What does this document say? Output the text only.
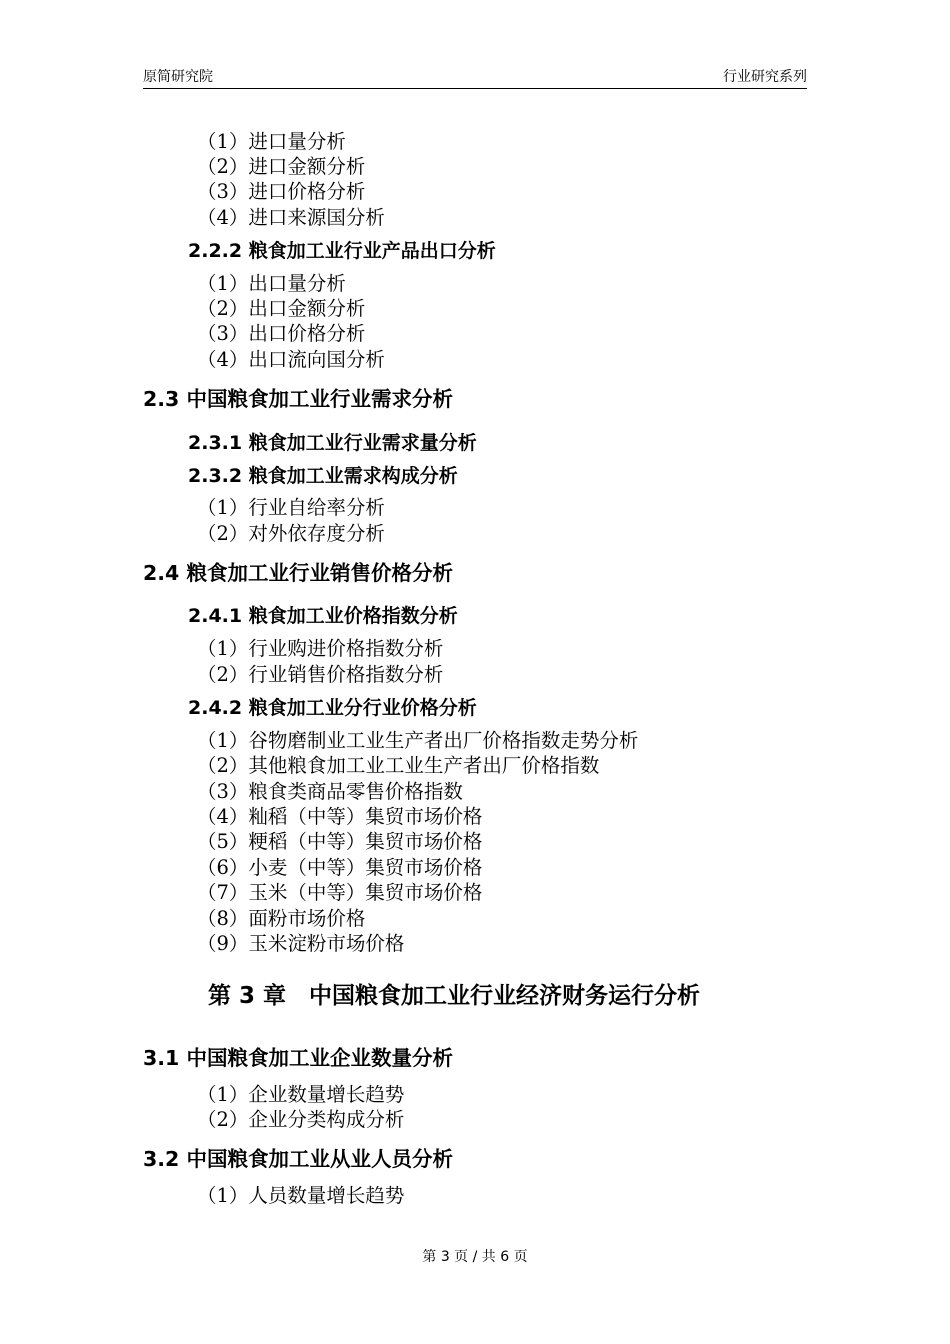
原简研究院	行业研究系列
（1）进口量分析
（2）进口金额分析
（3）进口价格分析
（4）进口来源国分析
2.2.2 粮食加工业行业产品出口分析
（1）出口量分析
（2）出口金额分析
（3）出口价格分析
（4）出口流向国分析
2.3 中国粮食加工业行业需求分析
2.3.1 粮食加工业行业需求量分析
2.3.2 粮食加工业需求构成分析
（1）行业自给率分析
（2）对外依存度分析
2.4 粮食加工业行业销售价格分析
2.4.1 粮食加工业价格指数分析
（1）行业购进价格指数分析
（2）行业销售价格指数分析
2.4.2 粮食加工业分行业价格分析
（1）谷物磨制业工业生产者出厂价格指数走势分析
（2）其他粮食加工业工业生产者出厂价格指数
（3）粮食类商品零售价格指数
（4）籼稻（中等）集贸市场价格
（5）粳稻（中等）集贸市场价格
（6）小麦（中等）集贸市场价格
（7）玉米（中等）集贸市场价格
（8）面粉市场价格
（9）玉米淀粉市场价格
第 3 章　中国粮食加工业行业经济财务运行分析
3.1 中国粮食加工业企业数量分析
（1）企业数量增长趋势
（2）企业分类构成分析
3.2 中国粮食加工业从业人员分析
（1）人员数量增长趋势
第 3 页 / 共 6 页
